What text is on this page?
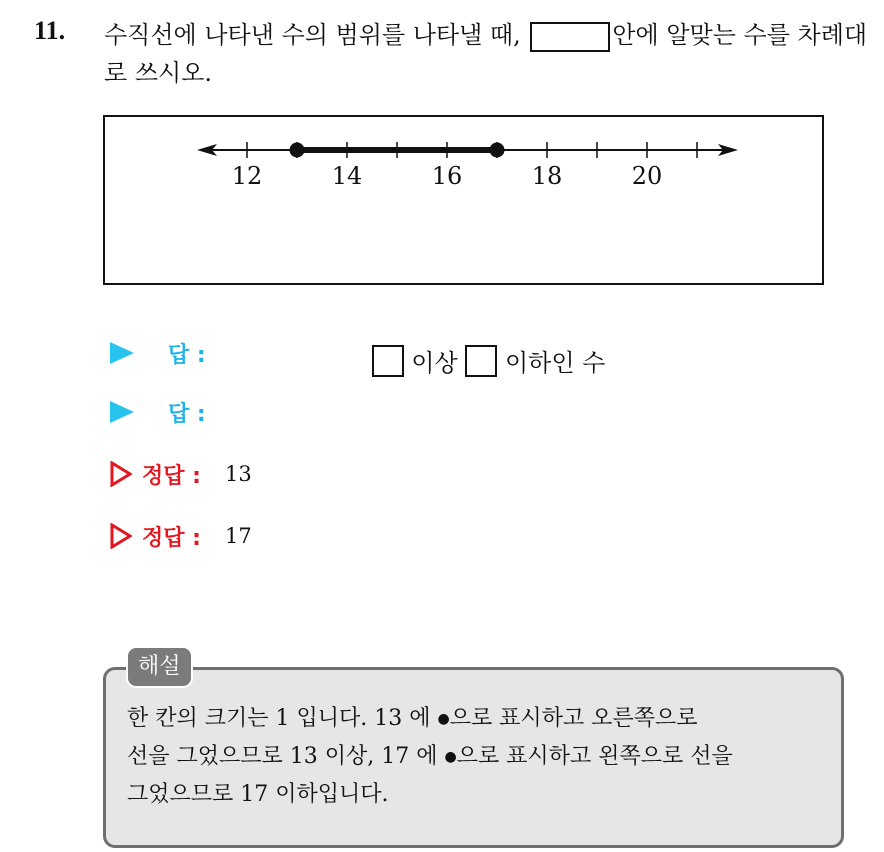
11. 수직선에 나타낸 수의 범위를 나타낼 때,	안에 알맞는 수를 차례대로 쓰시오.
12	14	16	18	20
이상 이하인 수
답 :
답 :
정답 : 13
정답 : 17
해설
한 칸의 크기는 1 입니다. 13 에 ●으로 표시하고 오른쪽으로
선을 그었으므로 13 이상, 17 에 ●으로 표시하고 왼쪽으로 선을
그었으므로 17 이하입니다.
